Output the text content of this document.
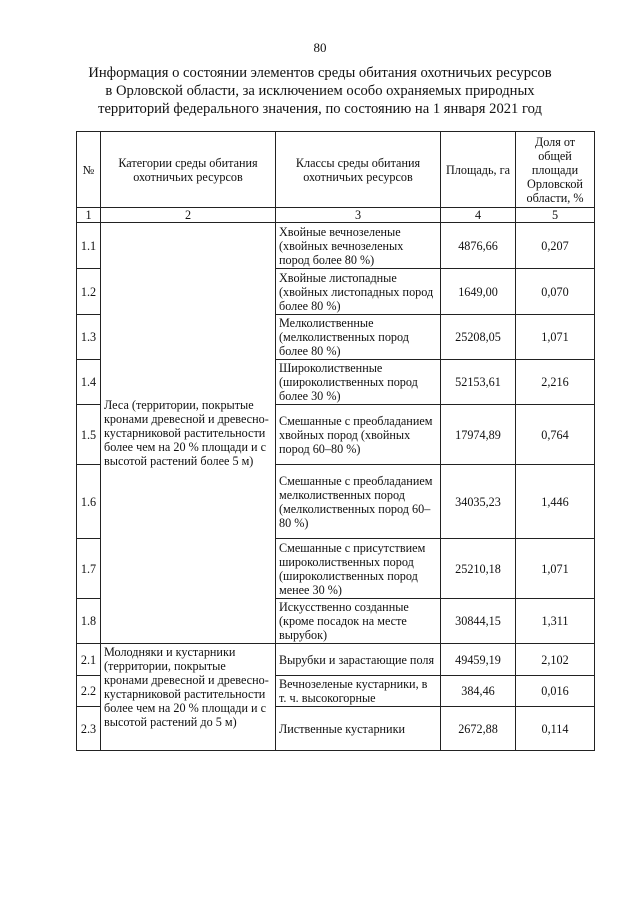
80
Информация о состоянии элементов среды обитания охотничьих ресурсов
в Орловской области, за исключением особо охраняемых природных
территорий федерального значения, по состоянию на 1 января 2021 год
№	Категории среды обитания охотничьих ресурсов	Классы среды обитания охотничьих ресурсов	Площадь, га	Доля от общей площади Орловской области, %
1	2	3	4	5
1.1	Леса (территории, покрытые кронами древесной и древесно-кустарниковой растительности более чем на 20 % площади и с высотой растений более 5 м)	Хвойные вечнозеленые (хвойных вечнозеленых пород более 80 %)	4876,66	0,207
1.2		Хвойные листопадные (хвойных листопадных пород более 80 %)	1649,00	0,070
1.3		Мелколиственные (мелколиственных пород более 80 %)	25208,05	1,071
1.4		Широколиственные (широколиственных пород более 30 %)	52153,61	2,216
1.5		Смешанные с преобладанием хвойных пород (хвойных пород 60–80 %)	17974,89	0,764
1.6		Смешанные с преобладанием мелколиственных пород (мелколиственных пород 60–80 %)	34035,23	1,446
1.7		Смешанные с присутствием широколиственных пород (широколиственных пород менее 30 %)	25210,18	1,071
1.8		Искусственно созданные (кроме посадок на месте вырубок)	30844,15	1,311
2.1	Молодняки и кустарники (территории, покрытые кронами древесной и древесно-кустарниковой растительности более чем на 20 % площади и с высотой растений до 5 м)	Вырубки и зарастающие поля	49459,19	2,102
2.2		Вечнозеленые кустарники, в т. ч. высокогорные	384,46	0,016
2.3		Лиственные кустарники	2672,88	0,114
